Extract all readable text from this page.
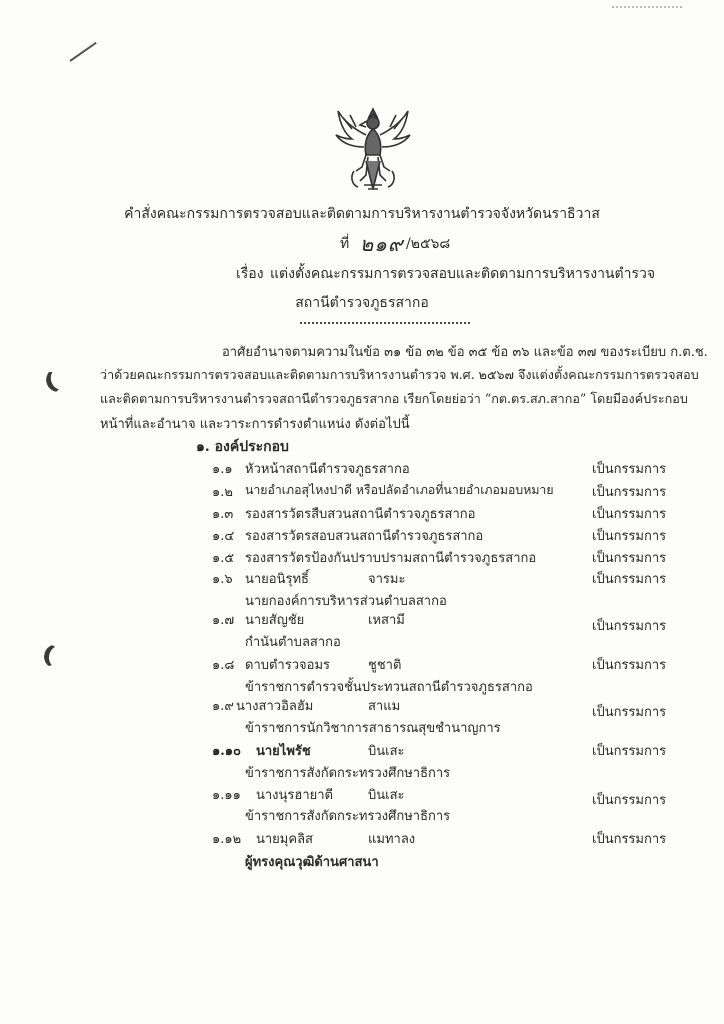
คำสั่งคณะกรรมการตรวจสอบและติดตามการบริหารงานตำรวจจังหวัดนราธิวาส
ที่ ๒๑๙ /๒๕๖๘
เรื่อง แต่งตั้งคณะกรรมการตรวจสอบและติดตามการบริหารงานตำรวจ
สถานีตำรวจภูธรสากอ
อาศัยอำนาจตามความในข้อ ๓๑ ข้อ ๓๒ ข้อ ๓๕ ข้อ ๓๖ และข้อ ๓๗ ของระเบียบ ก.ต.ช.
ว่าด้วยคณะกรรมการตรวจสอบและติดตามการบริหารงานตำรวจ พ.ศ. ๒๕๖๗ จึงแต่งตั้งคณะกรรมการตรวจสอบ
และติดตามการบริหารงานตำรวจสถานีตำรวจภูธรสากอ เรียกโดยย่อว่า “กต.ตร.สภ.สากอ” โดยมีองค์ประกอบ
หน้าที่และอำนาจ และวาระการดำรงตำแหน่ง ดังต่อไปนี้
๑. องค์ประกอบ
๑.๑ หัวหน้าสถานีตำรวจภูธรสากอ	เป็นกรรมการ
๑.๒ นายอำเภอสุไหงปาดี หรือปลัดอำเภอที่นายอำเภอมอบหมาย	เป็นกรรมการ
๑.๓ รองสารวัตรสืบสวนสถานีตำรวจภูธรสากอ	เป็นกรรมการ
๑.๔ รองสารวัตรสอบสวนสถานีตำรวจภูธรสากอ	เป็นกรรมการ
๑.๕ รองสารวัตรป้องกันปราบปรามสถานีตำรวจภูธรสากอ	เป็นกรรมการ
๑.๖ นายอนิรุทธิ์	จารมะ	เป็นกรรมการ
นายกองค์การบริหารส่วนตำบลสากอ
๑.๗ นายสัญชัย	เหสามี	เป็นกรรมการ
กำนันตำบลสากอ
๑.๘ ดาบตำรวจอมร	ชูชาติ	เป็นกรรมการ
ข้าราชการตำรวจชั้นประทวนสถานีตำรวจภูธรสากอ
๑.๙ นางสาวอิลฮัม	สาแม	เป็นกรรมการ
ข้าราชการนักวิชาการสาธารณสุขชำนาญการ
๑.๑๐ นายไพรัช	บินเสะ	เป็นกรรมการ
ข้าราชการสังกัดกระทรวงศึกษาธิการ
๑.๑๑ นางนุรฮายาตี	บินเสะ	เป็นกรรมการ
ข้าราชการสังกัดกระทรวงศึกษาธิการ
๑.๑๒ นายมุคลิส	แมทาลง	เป็นกรรมการ
ผู้ทรงคุณวุฒิด้านศาสนา
